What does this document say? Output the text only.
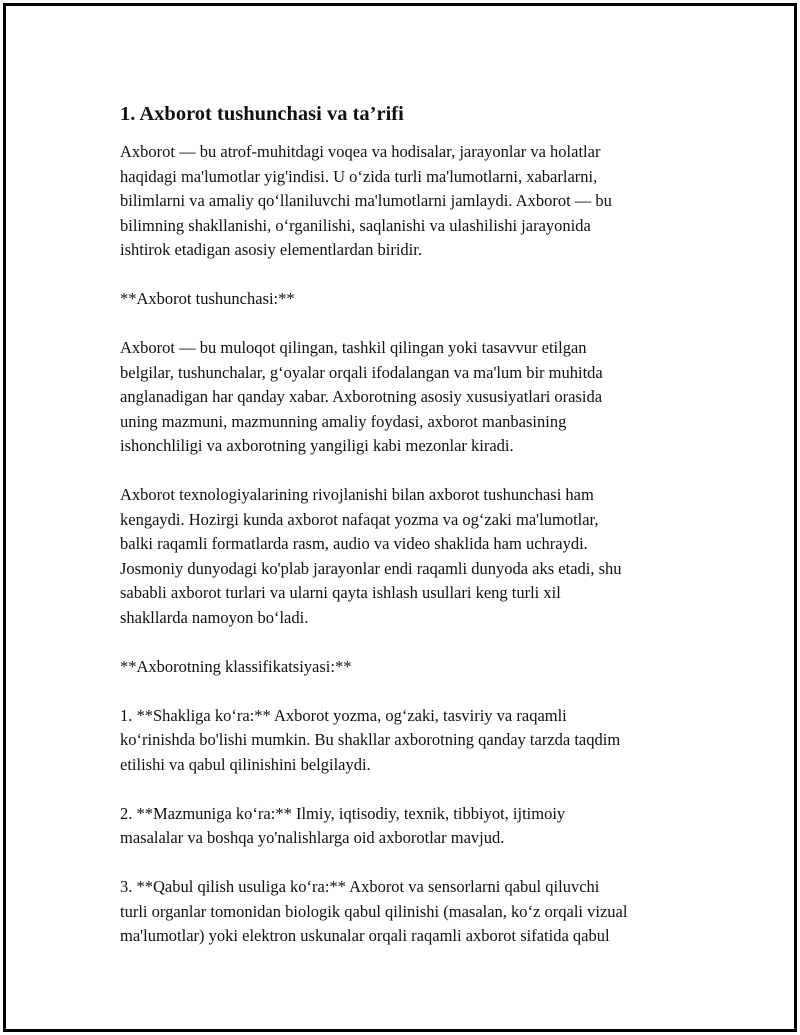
1. Axborot tushunchasi va ta’rifi

Axborot — bu atrof-muhitdagi voqea va hodisalar, jarayonlar va holatlar
haqidagi ma'lumotlar yig'indisi. U oʻzida turli ma'lumotlarni, xabarlarni,
bilimlarni va amaliy qoʻllaniluvchi ma'lumotlarni jamlaydi. Axborot — bu
bilimning shakllanishi, oʻrganilishi, saqlanishi va ulashilishi jarayonida
ishtirok etadigan asosiy elementlardan biridir.

**Axborot tushunchasi:**

Axborot — bu muloqot qilingan, tashkil qilingan yoki tasavvur etilgan
belgilar, tushunchalar, gʻoyalar orqali ifodalangan va ma'lum bir muhitda
anglanadigan har qanday xabar. Axborotning asosiy xususiyatlari orasida
uning mazmuni, mazmunning amaliy foydasi, axborot manbasining
ishonchliligi va axborotning yangiligi kabi mezonlar kiradi.

Axborot texnologiyalarining rivojlanishi bilan axborot tushunchasi ham
kengaydi. Hozirgi kunda axborot nafaqat yozma va ogʻzaki ma'lumotlar,
balki raqamli formatlarda rasm, audio va video shaklida ham uchraydi.
Josmoniy dunyodagi ko'plab jarayonlar endi raqamli dunyoda aks etadi, shu
sababli axborot turlari va ularni qayta ishlash usullari keng turli xil
shakllarda namoyon boʻladi.

**Axborotning klassifikatsiyasi:**

1. **Shakliga koʻra:** Axborot yozma, ogʻzaki, tasviriy va raqamli
koʻrinishda bo'lishi mumkin. Bu shakllar axborotning qanday tarzda taqdim
etilishi va qabul qilinishini belgilaydi.

2. **Mazmuniga koʻra:** Ilmiy, iqtisodiy, texnik, tibbiyot, ijtimoiy
masalalar va boshqa yo'nalishlarga oid axborotlar mavjud.

3. **Qabul qilish usuliga koʻra:** Axborot va sensorlarni qabul qiluvchi
turli organlar tomonidan biologik qabul qilinishi (masalan, koʻz orqali vizual
ma'lumotlar) yoki elektron uskunalar orqali raqamli axborot sifatida qabul
